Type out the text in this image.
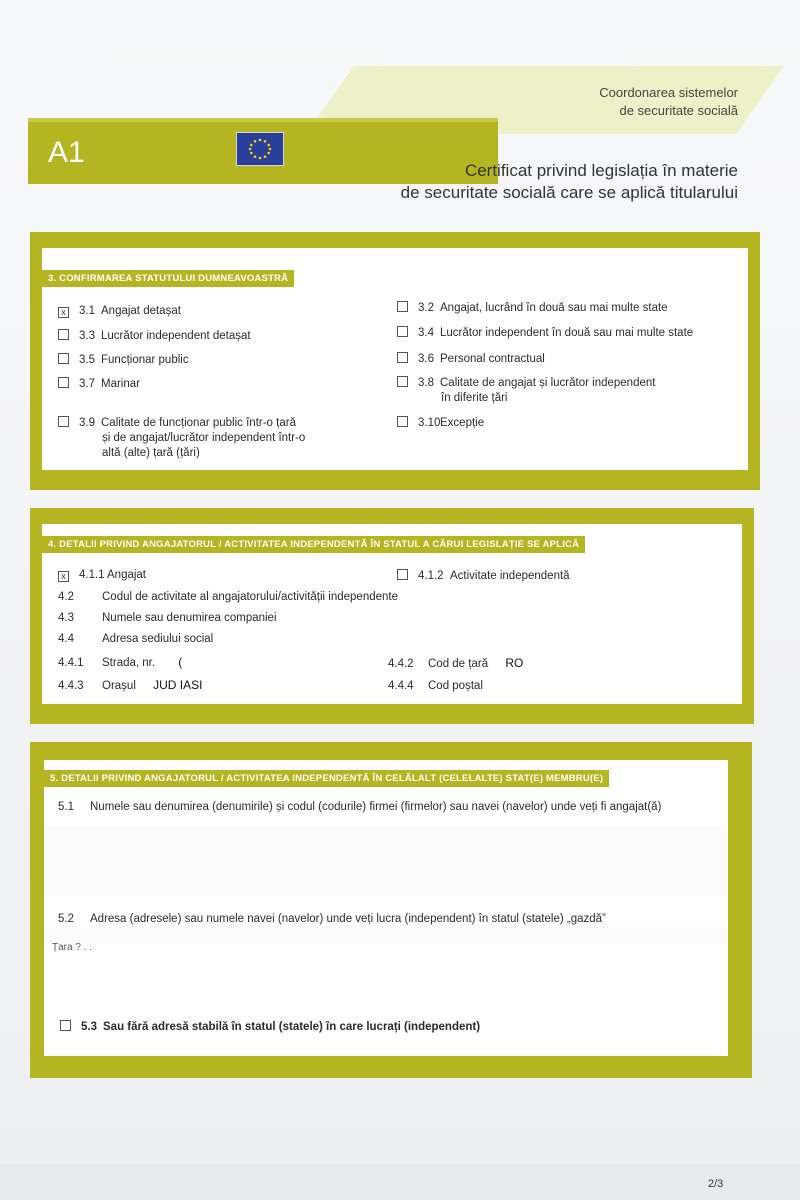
A1
Coordonarea sistemelor
de securitate socială
Certificat privind legislația în materie
de securitate socială care se aplică titularului
3. CONFIRMAREA STATUTULUI DUMNEAVOASTRĂ
x 3.1 Angajat detașat	3.2 Angajat, lucrând în două sau mai multe state
3.3 Lucrător independent detașat	3.4 Lucrător independent în două sau mai multe state
3.5 Funcționar public	3.6 Personal contractual
3.7 Marinar	3.8 Calitate de angajat și lucrător independent
în diferite țări
3.9 Calitate de funcționar public într-o țară
și de angajat/lucrător independent într-o
altă (alte) țară (țări)
3.10Excepție
4. DETALII PRIVIND ANGAJATORUL / ACTIVITATEA INDEPENDENTĂ ÎN STATUL A CĂRUI LEGISLAȚIE SE APLICĂ
x 4.1.1 Angajat	4.1.2 Activitate independentă
4.2 Codul de activitate al angajatorului/activității independente
4.3 Numele sau denumirea companiei
4.4 Adresa sediului social
4.4.1 Strada, nr. (	4.4.2 Cod de țară RO
4.4.3 Orașul JUD IASI	4.4.4 Cod poștal
5. DETALII PRIVIND ANGAJATORUL / ACTIVITATEA INDEPENDENTĂ ÎN CELĂLALT (CELELALTE) STAT(E) MEMBRU(E)
5.1 Numele sau denumirea (denumirile) și codul (codurile) firmei (firmelor) sau navei (navelor) unde veți fi angajat(ă)
5.2 Adresa (adresele) sau numele navei (navelor) unde veți lucra (independent) în statul (statele) „gazdă”
Țara ? . .
5.3 Sau fără adresă stabilă în statul (statele) în care lucrați (independent)
2/3
